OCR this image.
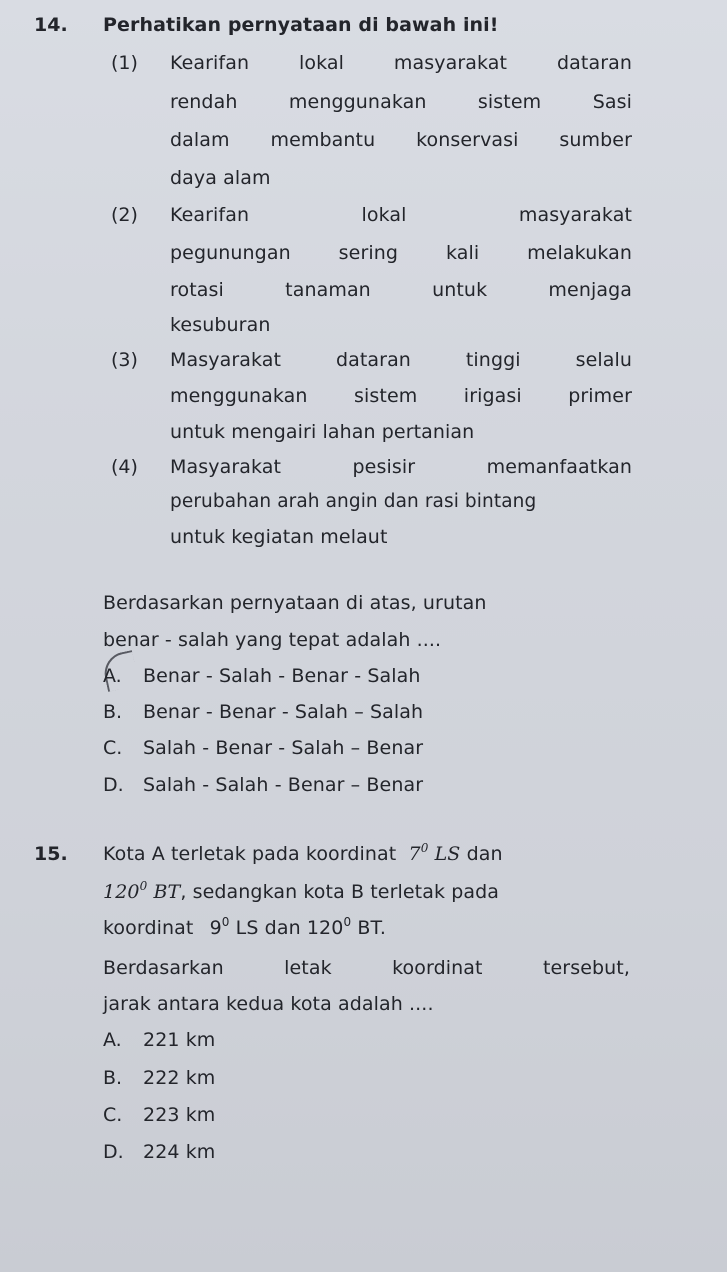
14. Perhatikan pernyataan di bawah ini!
(1) Kearifan lokal masyarakat dataran
rendah menggunakan sistem Sasi
dalam membantu konservasi sumber
daya alam
(2) Kearifan lokal masyarakat
pegunungan sering kali melakukan
rotasi tanaman untuk menjaga
kesuburan
(3) Masyarakat dataran tinggi selalu
menggunakan sistem irigasi primer
untuk mengairi lahan pertanian
(4) Masyarakat pesisir memanfaatkan
perubahan arah angin dan rasi bintang
untuk kegiatan melaut
Berdasarkan pernyataan di atas, urutan
benar - salah yang tepat adalah ....
A. Benar - Salah - Benar - Salah
B. Benar - Benar - Salah – Salah
C. Salah - Benar - Salah – Benar
D. Salah - Salah - Benar – Benar
15. Kota A terletak pada koordinat $7^0$ LS dan
$120^0$ BT, sedangkan kota B terletak pada
koordinat $9^0$ LS dan $120^0$ BT.
Berdasarkan letak koordinat tersebut,
jarak antara kedua kota adalah ....
A. 221 km
B. 222 km
C. 223 km
D. 224 km
